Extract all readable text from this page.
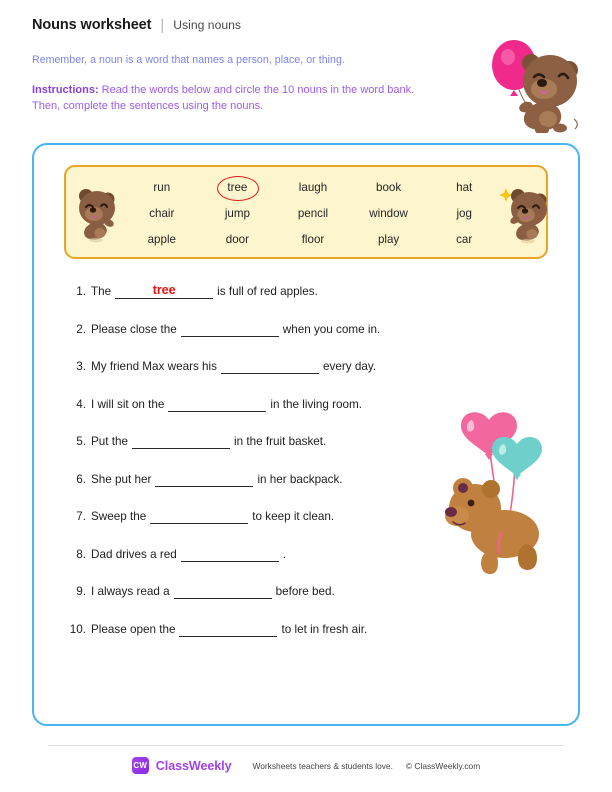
Nouns worksheet | Using nouns
Remember, a noun is a word that names a person, place, or thing.
Instructions: Read the words below and circle the 10 nouns in the word bank. Then, complete the sentences using the nouns.
run	tree	laugh	book	hat
chair	jump	pencil	window	jog
apple	door	floor	play	car
1. The	tree	is full of red apples.
2. Please close the	when you come in.
3. My friend Max wears his	every day.
4. I will sit on the	in the living room.
5. Put the	in the fruit basket.
6. She put her	in her backpack.
7. Sweep the	to keep it clean.
8. Dad drives a red	.
9. I always read a	before bed.
10. Please open the	to let in fresh air.
CW ClassWeekly	Worksheets teachers & students love. © ClassWeekly.com
